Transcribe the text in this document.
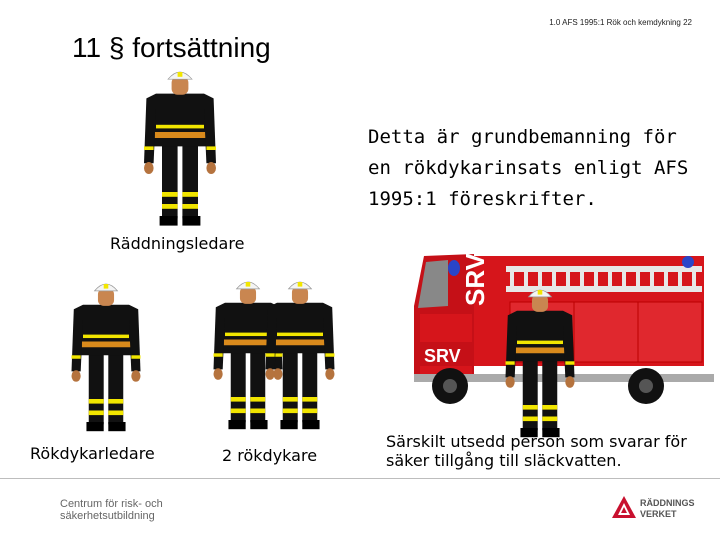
1.0 AFS 1995:1 Rök och kemdykning 22
11 § fortsättning
Räddningsledare
Detta är grundbemanning för en rökdykarinsats enligt AFS 1995:1 föreskrifter.
Rökdykarledare	2 rökdykare
SRV
SRV
Särskilt utsedd person som svarar för säker tillgång till släckvatten.
Centrum för risk- och
säkerhetsutbildning
RÄDDNINGS
VERKET
